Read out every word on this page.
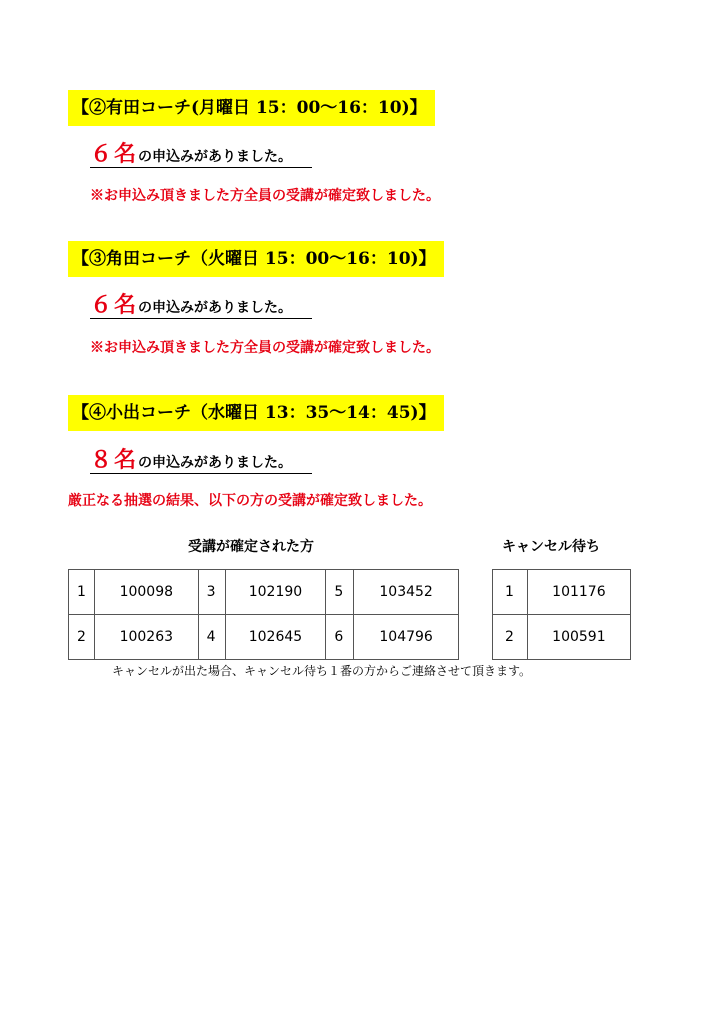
【②有田コーチ(月曜日 15：00〜16：10)】
６名の申込みがありました。
※お申込み頂きました方全員の受講が確定致しました。
【③角田コーチ（火曜日 15：00〜16：10)】
６名の申込みがありました。
※お申込み頂きました方全員の受講が確定致しました。
【④小出コーチ（水曜日 13：35〜14：45)】
８名の申込みがありました。
厳正なる抽選の結果、以下の方の受講が確定致しました。
受講が確定された方
1	100098	3	102190	5	103452
2	100263	4	102645	6	104796
キャンセル待ち
1	101176
2	100591
キャンセルが出た場合、キャンセル待ち１番の方からご連絡させて頂きます。
